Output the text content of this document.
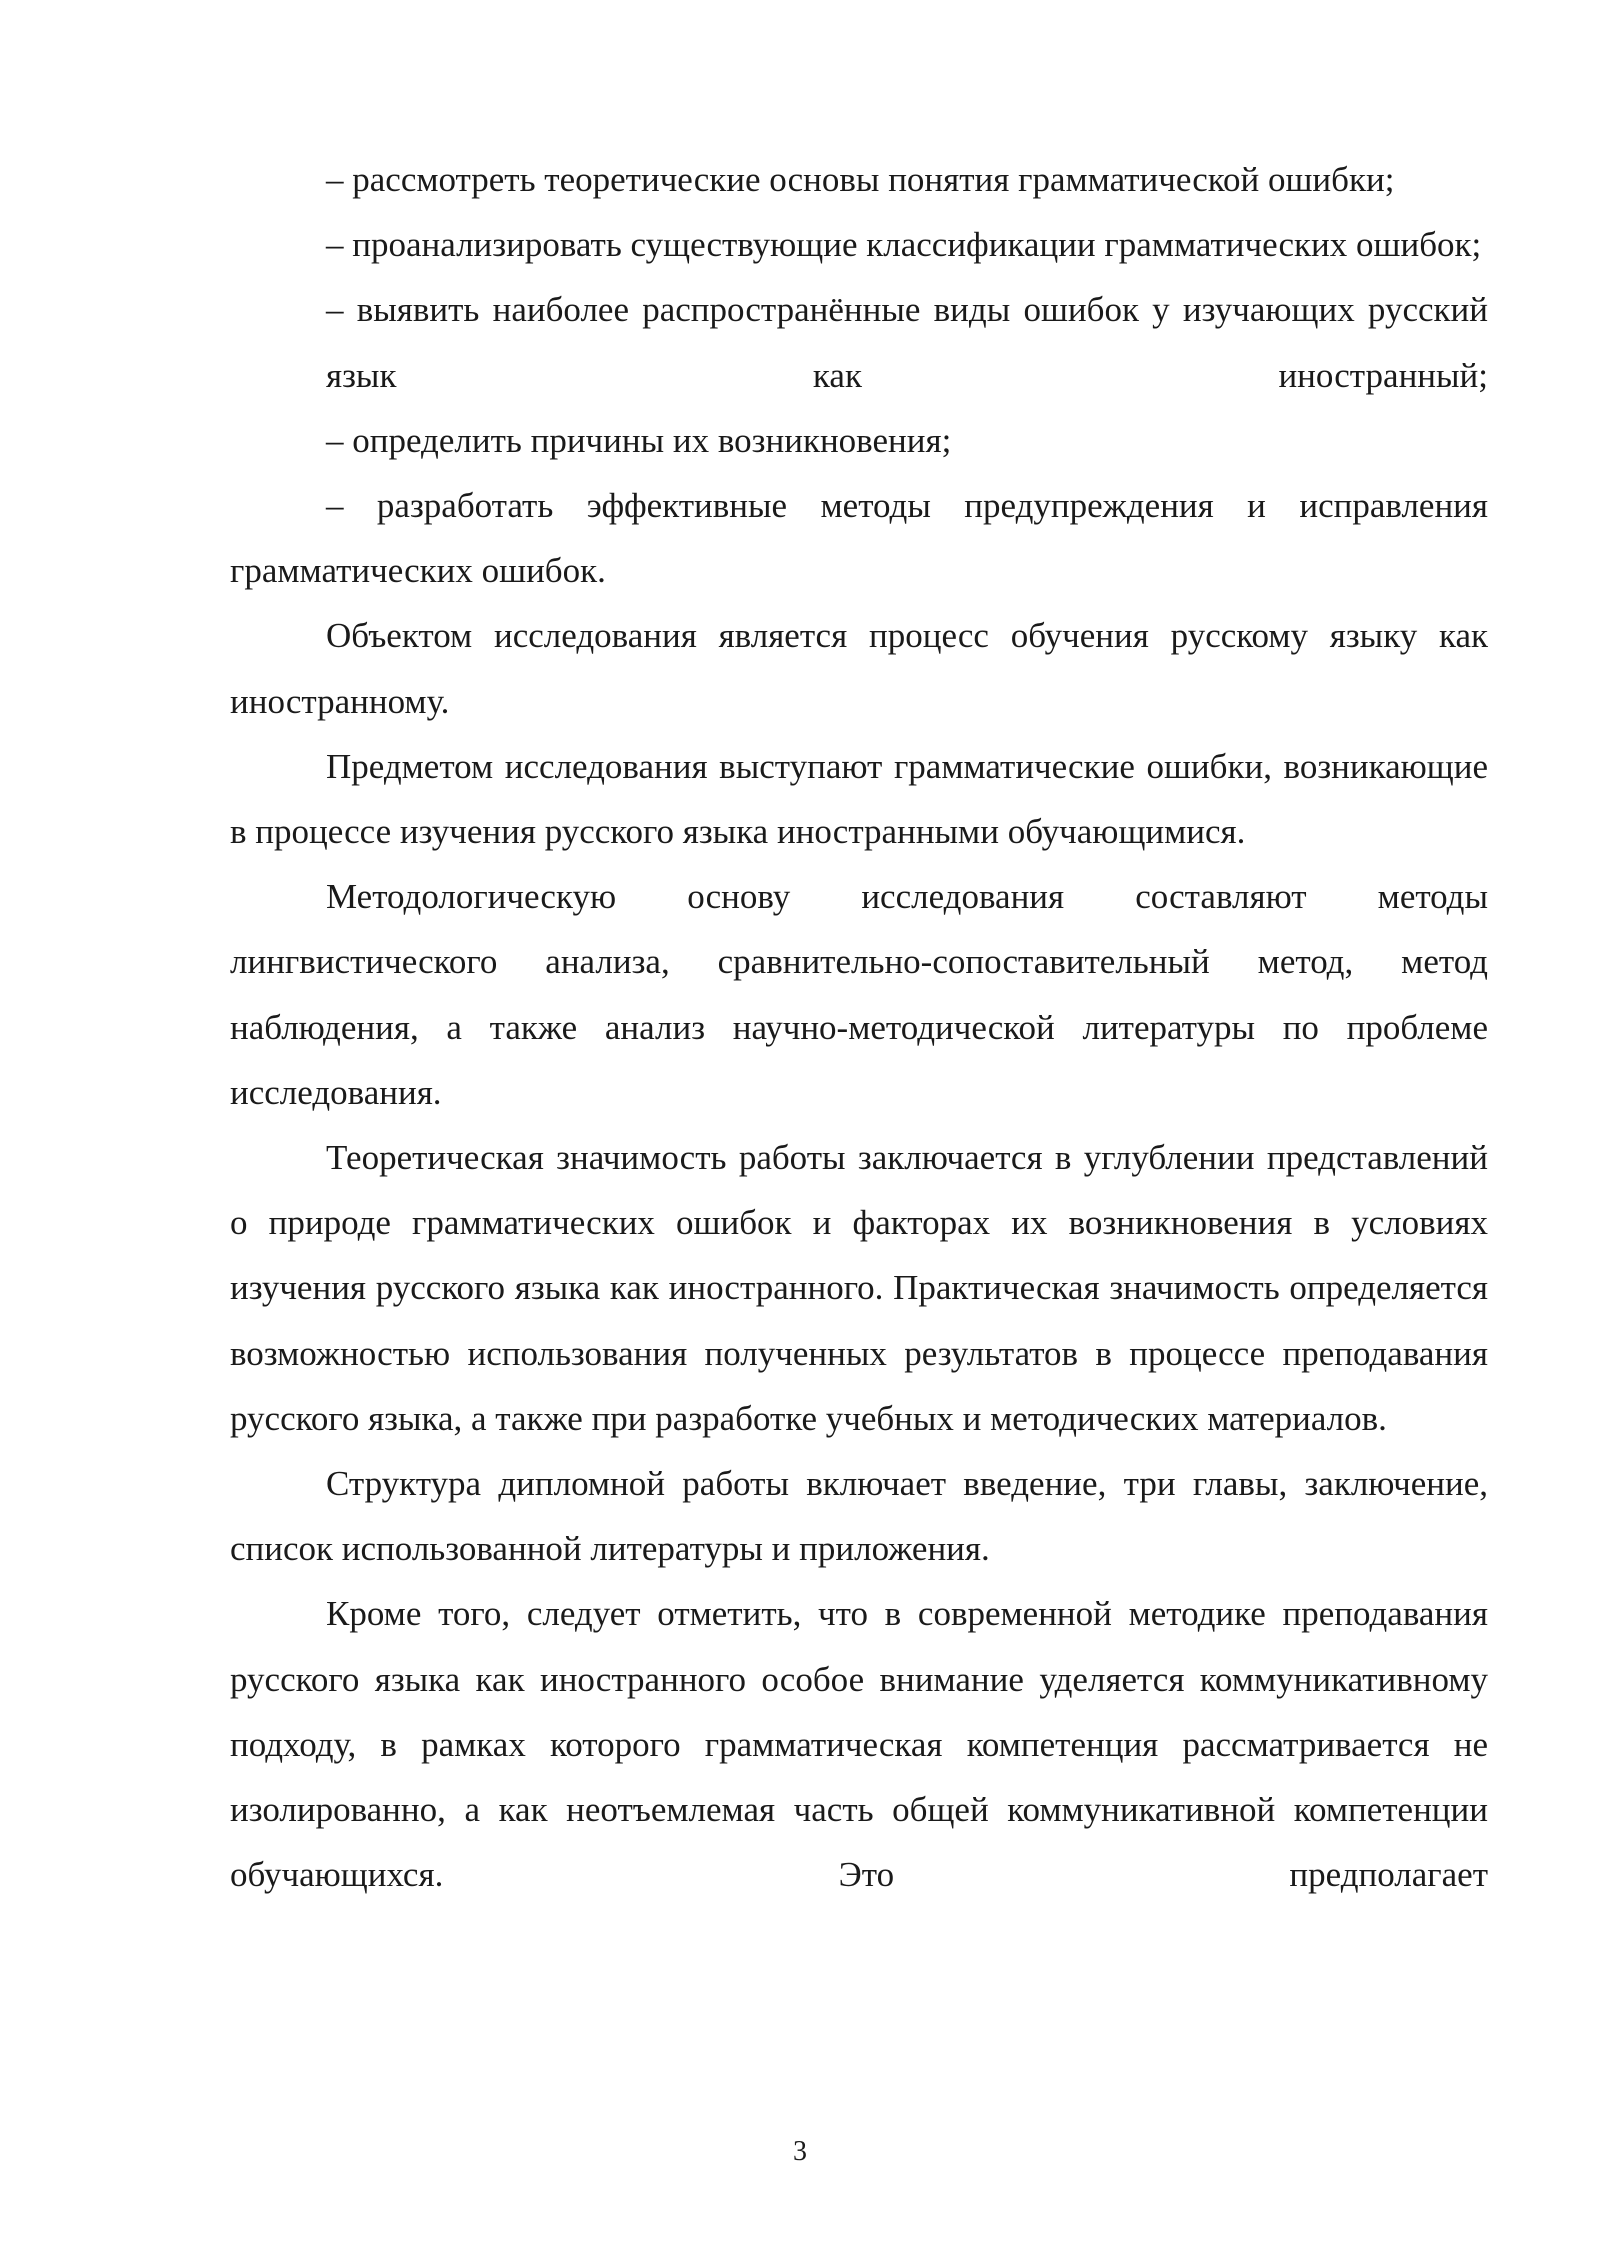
– рассмотреть теоретические основы понятия грамматической ошибки;

– проанализировать существующие классификации грамматических ошибок;

– выявить наиболее распространённые виды ошибок у изучающих русский язык как иностранный;

– определить причины их возникновения;

– разработать эффективные методы предупреждения и исправления грамматических ошибок.

Объектом исследования является процесс обучения русскому языку как иностранному.

Предметом исследования выступают грамматические ошибки, возникающие в процессе изучения русского языка иностранными обучающимися.

Методологическую основу исследования составляют методы лингвистического анализа, сравнительно-сопоставительный метод, метод наблюдения, а также анализ научно-методической литературы по проблеме исследования.

Теоретическая значимость работы заключается в углублении представлений о природе грамматических ошибок и факторах их возникновения в условиях изучения русского языка как иностранного. Практическая значимость определяется возможностью использования полученных результатов в процессе преподавания русского языка, а также при разработке учебных и методических материалов.

Структура дипломной работы включает введение, три главы, заключение, список использованной литературы и приложения.

Кроме того, следует отметить, что в современной методике преподавания русского языка как иностранного особое внимание уделяется коммуникативному подходу, в рамках которого грамматическая компетенция рассматривается не изолированно, а как неотъемлемая часть общей коммуникативной компетенции обучающихся. Это предполагает

3
